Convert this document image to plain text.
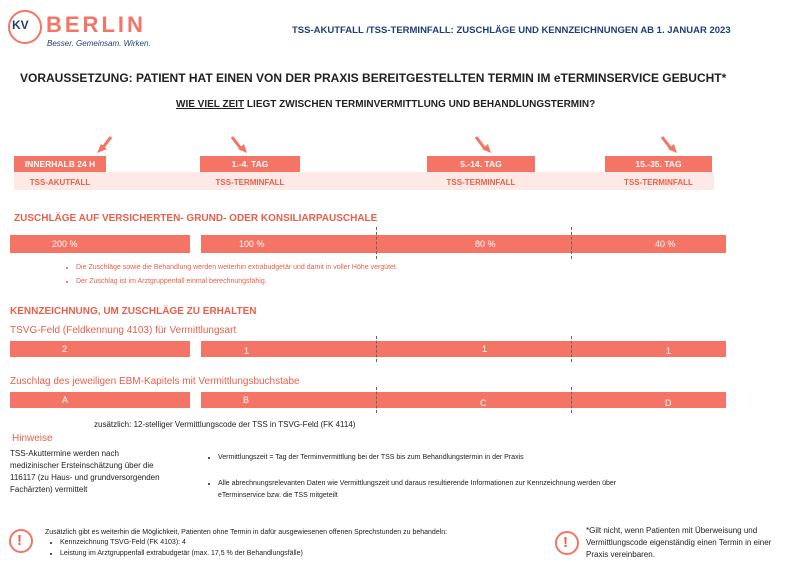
KV BERLIN
Besser. Gemeinsam. Wirken.
TSS-AKUTFALL /TSS-TERMINFALL: ZUSCHLÄGE UND KENNZEICHNUNGEN AB 1. JANUAR 2023
VORAUSSETZUNG: PATIENT HAT EINEN VON DER PRAXIS BEREITGESTELLTEN TERMIN IM eTERMINSERVICE GEBUCHT*
WIE VIEL ZEIT LIEGT ZWISCHEN TERMINVERMITTLUNG UND BEHANDLUNGSTERMIN?
INNERHALB 24 H	1.-4. TAG	5.-14. TAG	15.-35. TAG
TSS-AKUTFALL	TSS-TERMINFALL	TSS-TERMINFALL	TSS-TERMINFALL
ZUSCHLÄGE AUF VERSICHERTEN- GRUND- ODER KONSILIARPAUSCHALE
200 %	100 %	80 %	40 %
• Die Zuschläge sowie die Behandlung werden weiterhin extrabudgetär und damit in voller Höhe vergütet.
• Der Zuschlag ist im Arztgruppenfall einmal berechnungsfähig.
KENNZEICHNUNG, UM ZUSCHLÄGE ZU ERHALTEN
TSVG-Feld (Feldkennung 4103) für Vermittlungsart
2	1	1	1
Zuschlag des jeweiligen EBM-Kapitels mit Vermittlungsbuchstabe
A	B	C	D
zusätzlich: 12-stelliger Vermittlungscode der TSS in TSVG-Feld (FK 4114)
Hinweise
TSS-Akuttermine werden nach medizinischer Ersteinschätzung über die 116117 (zu Haus- und grundversorgenden Fachärzten) vermittelt
• Vermittlungszeit = Tag der Terminvermittlung bei der TSS bis zum Behandlungstermin in der Praxis
• Alle abrechnungsrelevanten Daten wie Vermittlungszeit und daraus resultierende Informationen zur Kennzeichnung werden über eTerminservice bzw. die TSS mitgeteilt
!	Zusätzlich gibt es weiterhin die Möglichkeit, Patienten ohne Termin in dafür ausgewiesenen offenen Sprechstunden zu behandeln:
• Kennzeichnung TSVG-Feld (FK 4103): 4
• Leistung im Arztgruppenfall extrabudgetär (max. 17,5 % der Behandlungsfälle)
!
*Gilt nicht, wenn Patienten mit Überweisung und Vermittlungscode eigenständig einen Termin in einer Praxis vereinbaren.
